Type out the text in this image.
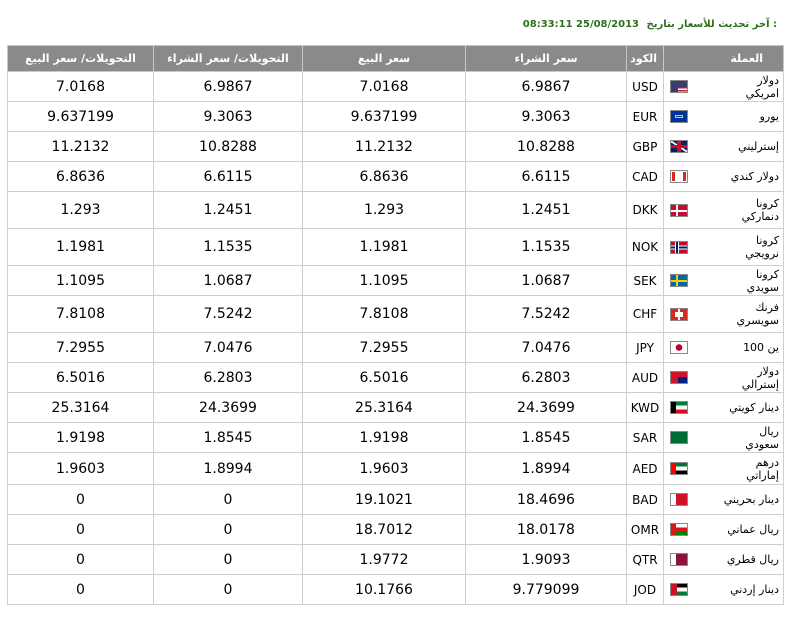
08:33:11 25/08/2013 آخر تحديث للأسعار بتاريخ :
العملة	الكود	سعر الشراء	سعر البيع	التحويلات/ سعر الشراء	التحويلات/ سعر البيع

دولار امريكي	USD	6.9867	7.0168	6.9867	7.0168

يورو	EUR	9.3063	9.637199	9.3063	9.637199

إسترليني	GBP	10.8288	11.2132	10.8288	11.2132

دولار كندي	CAD	6.6115	6.8636	6.6115	6.8636

كرونا دنماركي	DKK	1.2451	1.293	1.2451	1.293

كرونا نرويجي	NOK	1.1535	1.1981	1.1535	1.1981

كرونا سويدي	SEK	1.0687	1.1095	1.0687	1.1095

فرنك سويسري	CHF	7.5242	7.8108	7.5242	7.8108

ين 100	JPY	7.0476	7.2955	7.0476	7.2955

دولار إسترالي	AUD	6.2803	6.5016	6.2803	6.5016

دينار كويتي	KWD	24.3699	25.3164	24.3699	25.3164

ريال سعودي	SAR	1.8545	1.9198	1.8545	1.9198

درهم إماراتي	AED	1.8994	1.9603	1.8994	1.9603

دينار بحريني	BAD	18.4696	19.1021	0	0

ريال عماني	OMR	18.0178	18.7012	0	0

ريال قطري	QTR	1.9093	1.9772	0	0

دينار إردني	JOD	9.779099	10.1766	0	0
